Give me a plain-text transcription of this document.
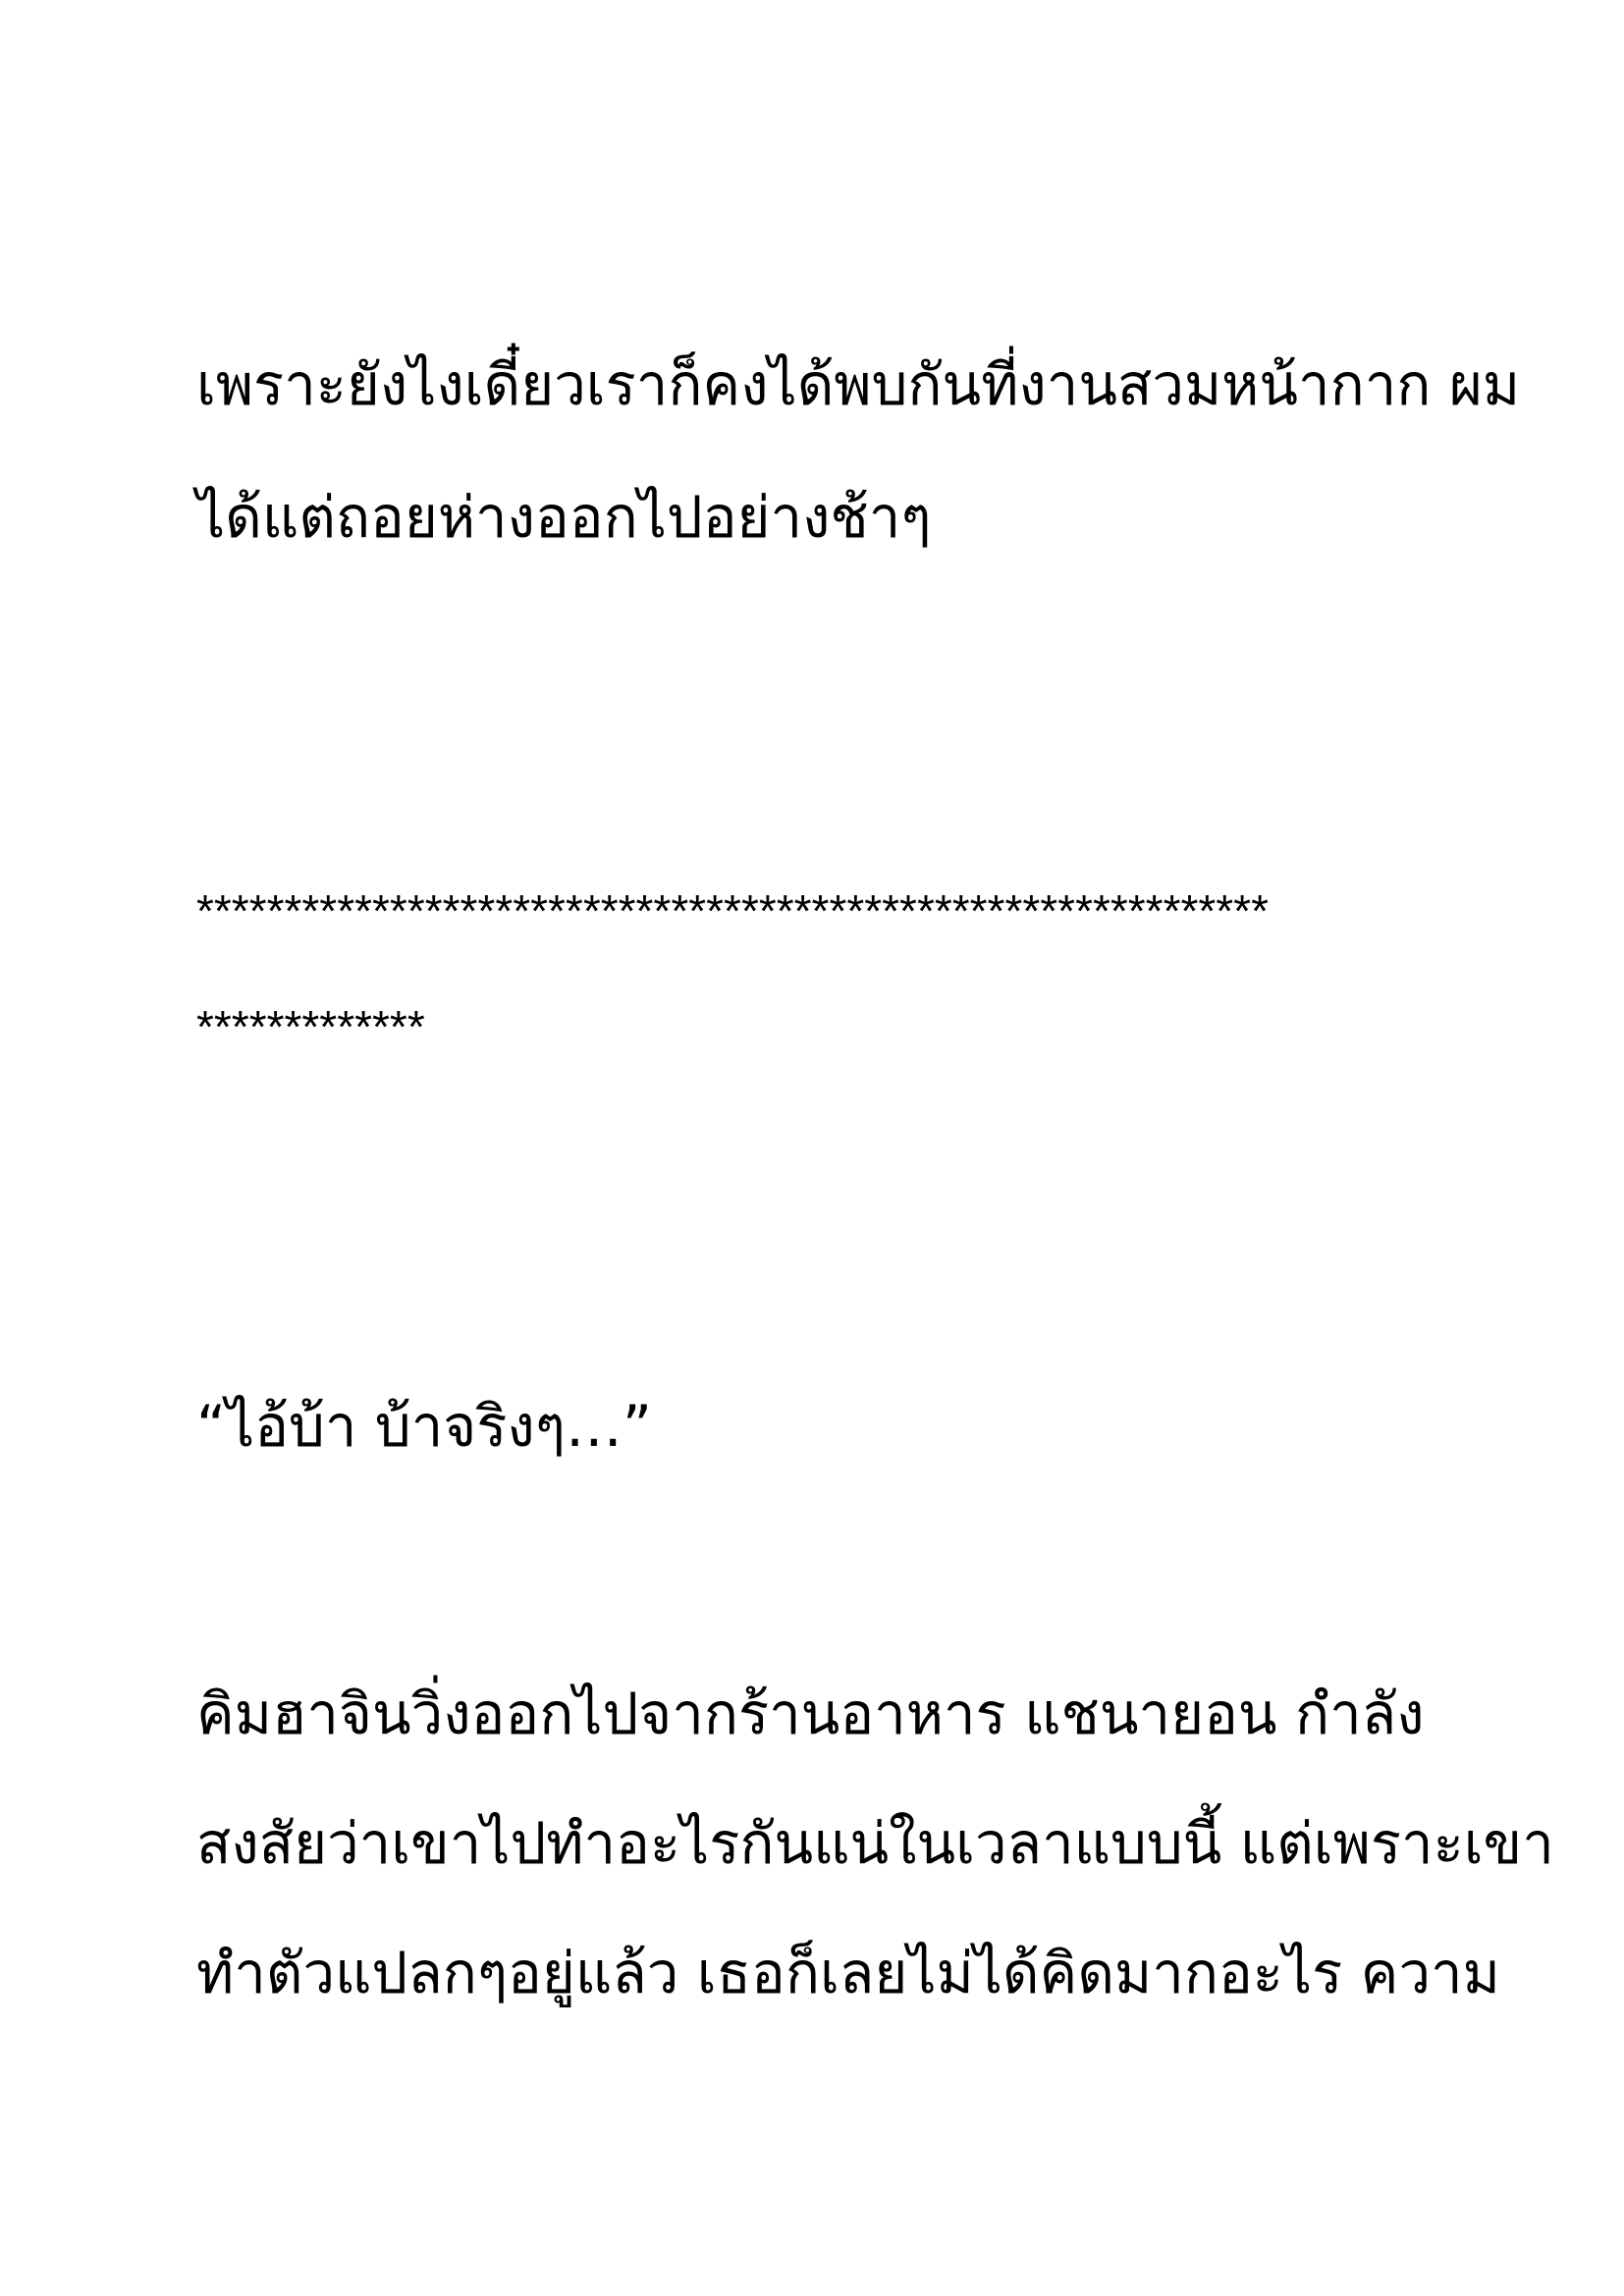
เพราะยังไงเดี๋ยวเราก็คงได้พบกันที่งานสวมหน้ากาก ผม
ได้แต่ถอยห่างออกไปอย่างช้าๆ
*************************************************************
*************
“ไอ้บ้า บ้าจริงๆ…”
คิมฮาจินวิ่งออกไปจากร้านอาหาร แชนายอน กำลัง
สงสัยว่าเขาไปทำอะไรกันแน่ในเวลาแบบนี้ แต่เพราะเขา
ทำตัวแปลกๆอยู่แล้ว เธอก็เลยไม่ได้คิดมากอะไร ความ
